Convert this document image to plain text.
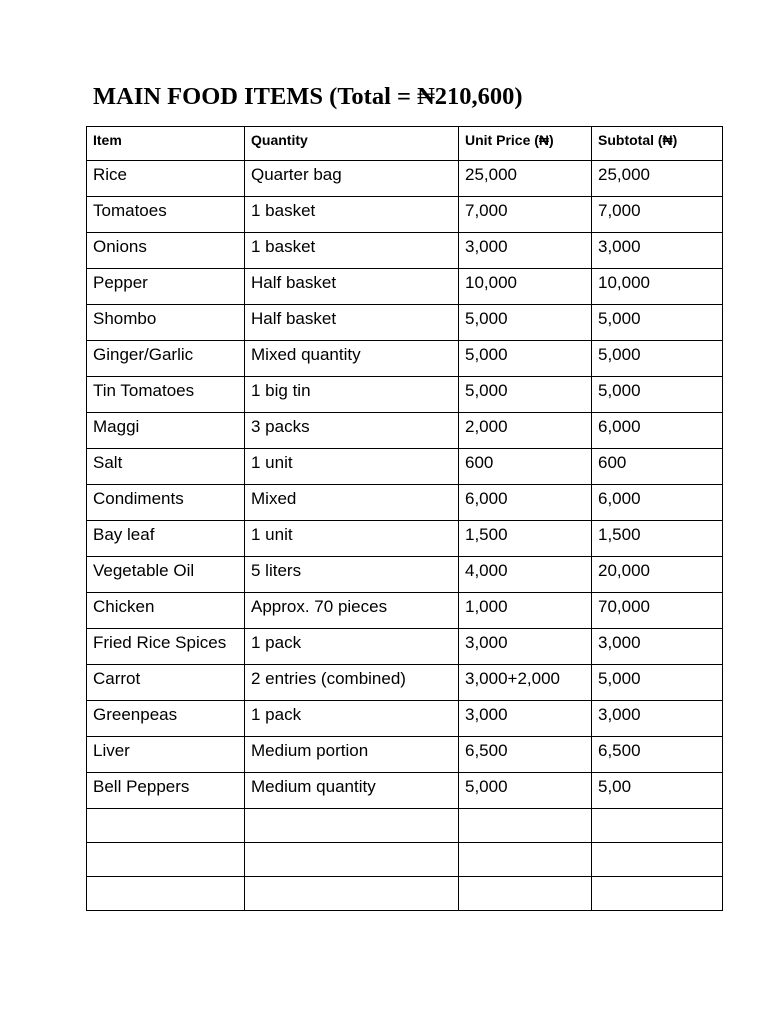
MAIN FOOD ITEMS (Total = ₦210,600)
Item	Quantity	Unit Price (₦)	Subtotal (₦)
Rice	Quarter bag	25,000	25,000
Tomatoes	1 basket	7,000	7,000
Onions	1 basket	3,000	3,000
Pepper	Half basket	10,000	10,000
Shombo	Half basket	5,000	5,000
Ginger/Garlic	Mixed quantity	5,000	5,000
Tin Tomatoes	1 big tin	5,000	5,000
Maggi	3 packs	2,000	6,000
Salt	1 unit	600	600
Condiments	Mixed	6,000	6,000
Bay leaf	1 unit	1,500	1,500
Vegetable Oil	5 liters	4,000	20,000
Chicken	Approx. 70 pieces	1,000	70,000
Fried Rice Spices	1 pack	3,000	3,000
Carrot	2 entries (combined)	3,000+2,000	5,000
Greenpeas	1 pack	3,000	3,000
Liver	Medium portion	6,500	6,500
Bell Peppers	Medium quantity	5,000	5,00
